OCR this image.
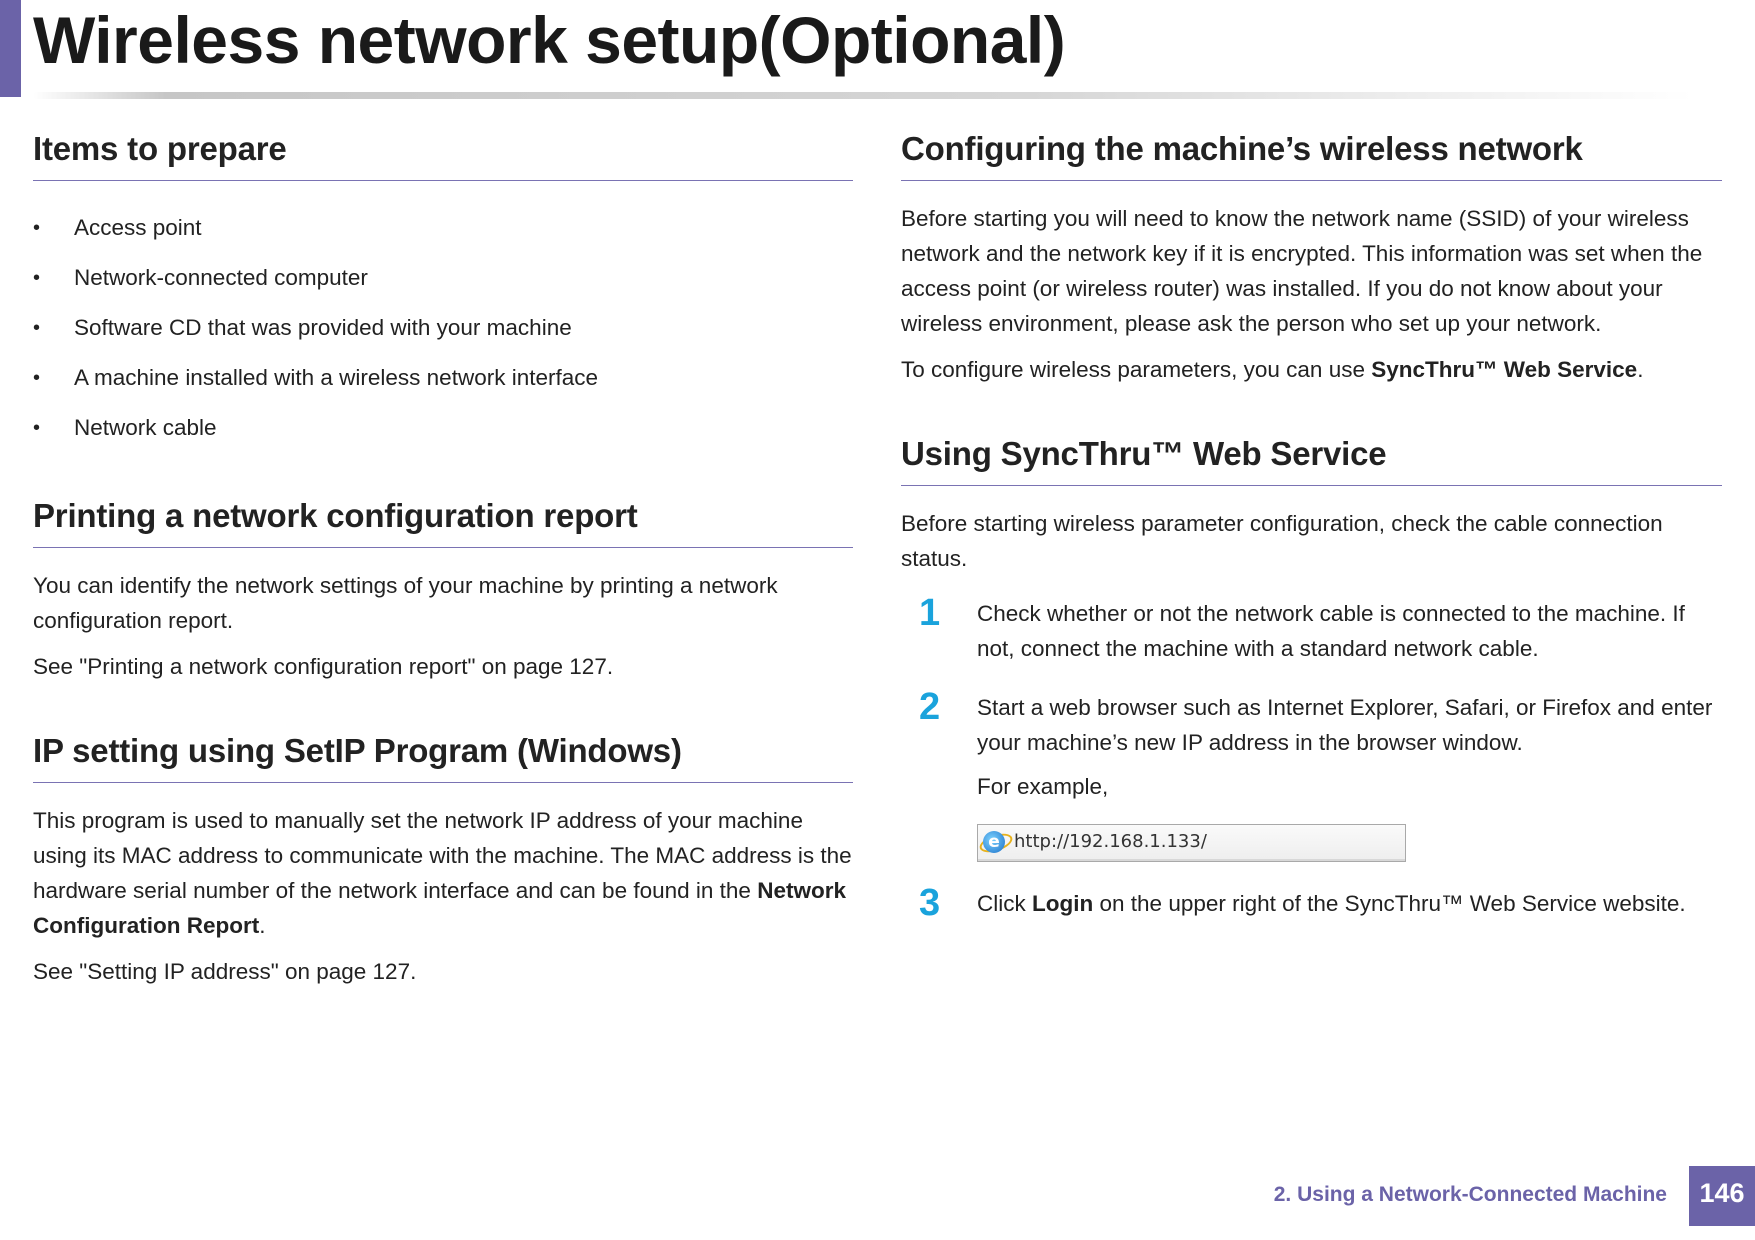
Wireless network setup(Optional)
Items to prepare
• Access point
• Network-connected computer
• Software CD that was provided with your machine
• A machine installed with a wireless network interface
• Network cable
Printing a network configuration report

You can identify the network settings of your machine by printing a network configuration report.

See "Printing a network configuration report" on page 127.

IP setting using SetIP Program (Windows)

This program is used to manually set the network IP address of your machine using its MAC address to communicate with the machine. The MAC address is the hardware serial number of the network interface and can be found in the Network Configuration Report.

See "Setting IP address" on page 127.

Configuring the machine’s wireless network

Before starting you will need to know the network name (SSID) of your wireless network and the network key if it is encrypted. This information was set when the access point (or wireless router) was installed. If you do not know about your wireless environment, please ask the person who set up your network.

To configure wireless parameters, you can use SyncThru™ Web Service.

Using SyncThru™ Web Service

Before starting wireless parameter configuration, check the cable connection status.

1 Check whether or not the network cable is connected to the machine. If not, connect the machine with a standard network cable.

2 Start a web browser such as Internet Explorer, Safari, or Firefox and enter your machine’s new IP address in the browser window.

For example,

e http://192.168.1.133/
3 Click Login on the upper right of the SyncThru™ Web Service website.

2. Using a Network-Connected Machine	146
